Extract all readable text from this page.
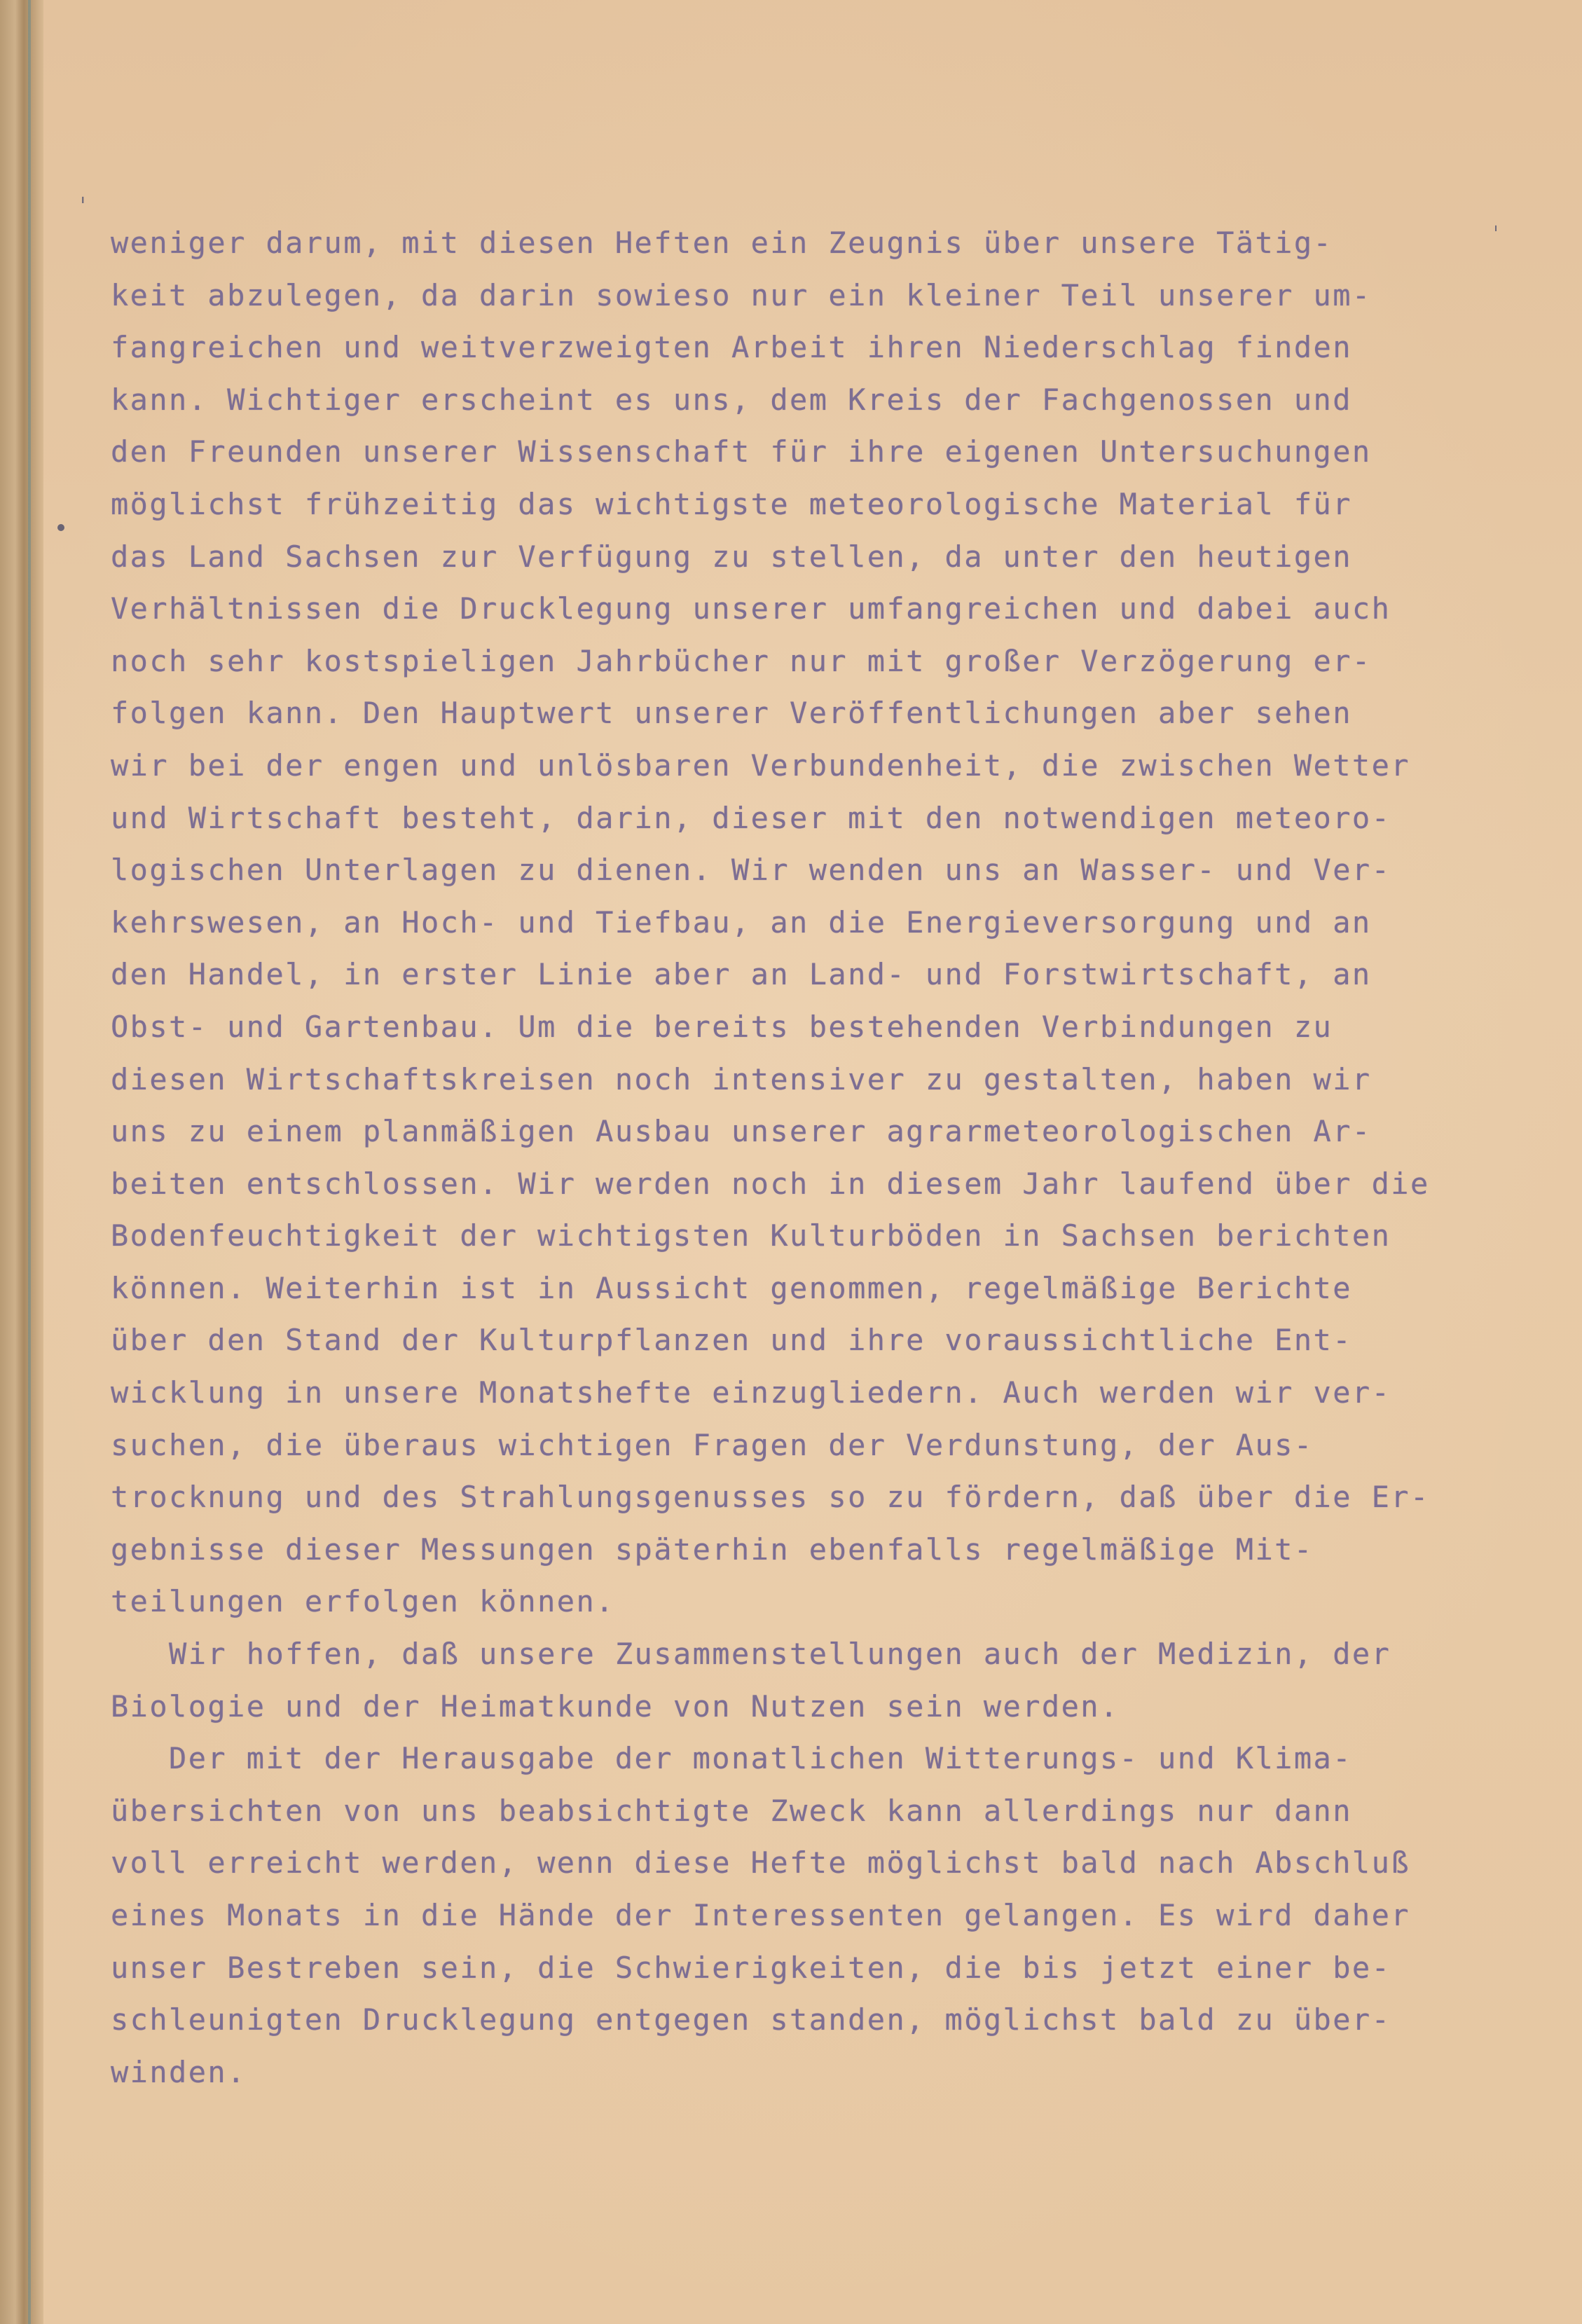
ˌ
ˈ
weniger darum, mit diesen Heften ein Zeugnis über unsere Tätig-
keit abzulegen, da darin sowieso nur ein kleiner Teil unserer um-
fangreichen und weitverzweigten Arbeit ihren Niederschlag finden
kann. Wichtiger erscheint es uns, dem Kreis der Fachgenossen und
den Freunden unserer Wissenschaft für ihre eigenen Untersuchungen
möglichst frühzeitig das wichtigste meteorologische Material für
das Land Sachsen zur Verfügung zu stellen, da unter den heutigen
Verhältnissen die Drucklegung unserer umfangreichen und dabei auch
noch sehr kostspieligen Jahrbücher nur mit großer Verzögerung er-
folgen kann. Den Hauptwert unserer Veröffentlichungen aber sehen
wir bei der engen und unlösbaren Verbundenheit, die zwischen Wetter
und Wirtschaft besteht, darin, dieser mit den notwendigen meteoro-
logischen Unterlagen zu dienen. Wir wenden uns an Wasser- und Ver-
kehrswesen, an Hoch- und Tiefbau, an die Energieversorgung und an
den Handel, in erster Linie aber an Land- und Forstwirtschaft, an
Obst- und Gartenbau. Um die bereits bestehenden Verbindungen zu
diesen Wirtschaftskreisen noch intensiver zu gestalten, haben wir
uns zu einem planmäßigen Ausbau unserer agrarmeteorologischen Ar-
beiten entschlossen. Wir werden noch in diesem Jahr laufend über die
Bodenfeuchtigkeit der wichtigsten Kulturböden in Sachsen berichten
können. Weiterhin ist in Aussicht genommen, regelmäßige Berichte
über den Stand der Kulturpflanzen und ihre voraussichtliche Ent-
wicklung in unsere Monatshefte einzugliedern. Auch werden wir ver-
suchen, die überaus wichtigen Fragen der Verdunstung, der Aus-
trocknung und des Strahlungsgenusses so zu fördern, daß über die Er-
gebnisse dieser Messungen späterhin ebenfalls regelmäßige Mit-
teilungen erfolgen können.
Wir hoffen, daß unsere Zusammenstellungen auch der Medizin, der
Biologie und der Heimatkunde von Nutzen sein werden.
Der mit der Herausgabe der monatlichen Witterungs- und Klima-
übersichten von uns beabsichtigte Zweck kann allerdings nur dann
voll erreicht werden, wenn diese Hefte möglichst bald nach Abschluß
eines Monats in die Hände der Interessenten gelangen. Es wird daher
unser Bestreben sein, die Schwierigkeiten, die bis jetzt einer be-
schleunigten Drucklegung entgegen standen, möglichst bald zu über-
winden.
